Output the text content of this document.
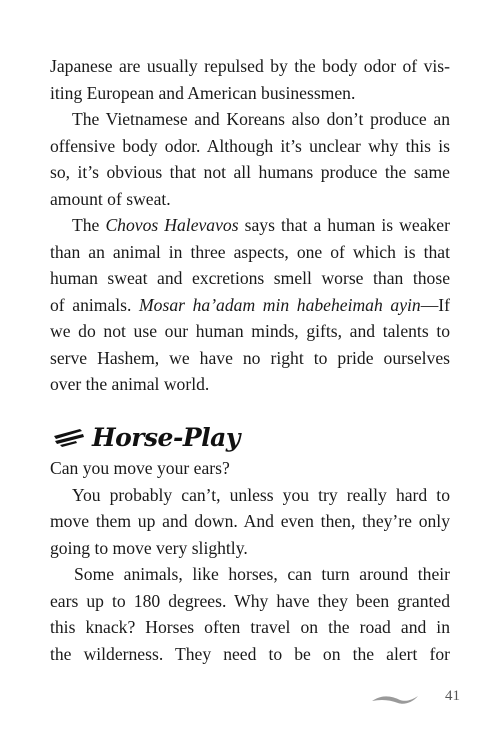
Japanese are usually repulsed by the body odor of vis-
iting European and American businessmen.
The Vietnamese and Koreans also don’t produce an
offensive body odor. Although it’s unclear why this is
so, it’s obvious that not all humans produce the same
amount of sweat.
The Chovos Halevavos says that a human is weaker
than an animal in three aspects, one of which is that
human sweat and excretions smell worse than those
of animals. Mosar ha’adam min habeheimah ayin—If
we do not use our human minds, gifts, and talents to
serve Hashem, we have no right to pride ourselves
over the animal world.
Horse-Play
Can you move your ears?
You probably can’t, unless you try really hard to
move them up and down. And even then, they’re only
going to move very slightly.
Some animals, like horses, can turn around their
ears up to 180 degrees. Why have they been granted
this knack? Horses often travel on the road and in
the wilderness. They need to be on the alert for
41
